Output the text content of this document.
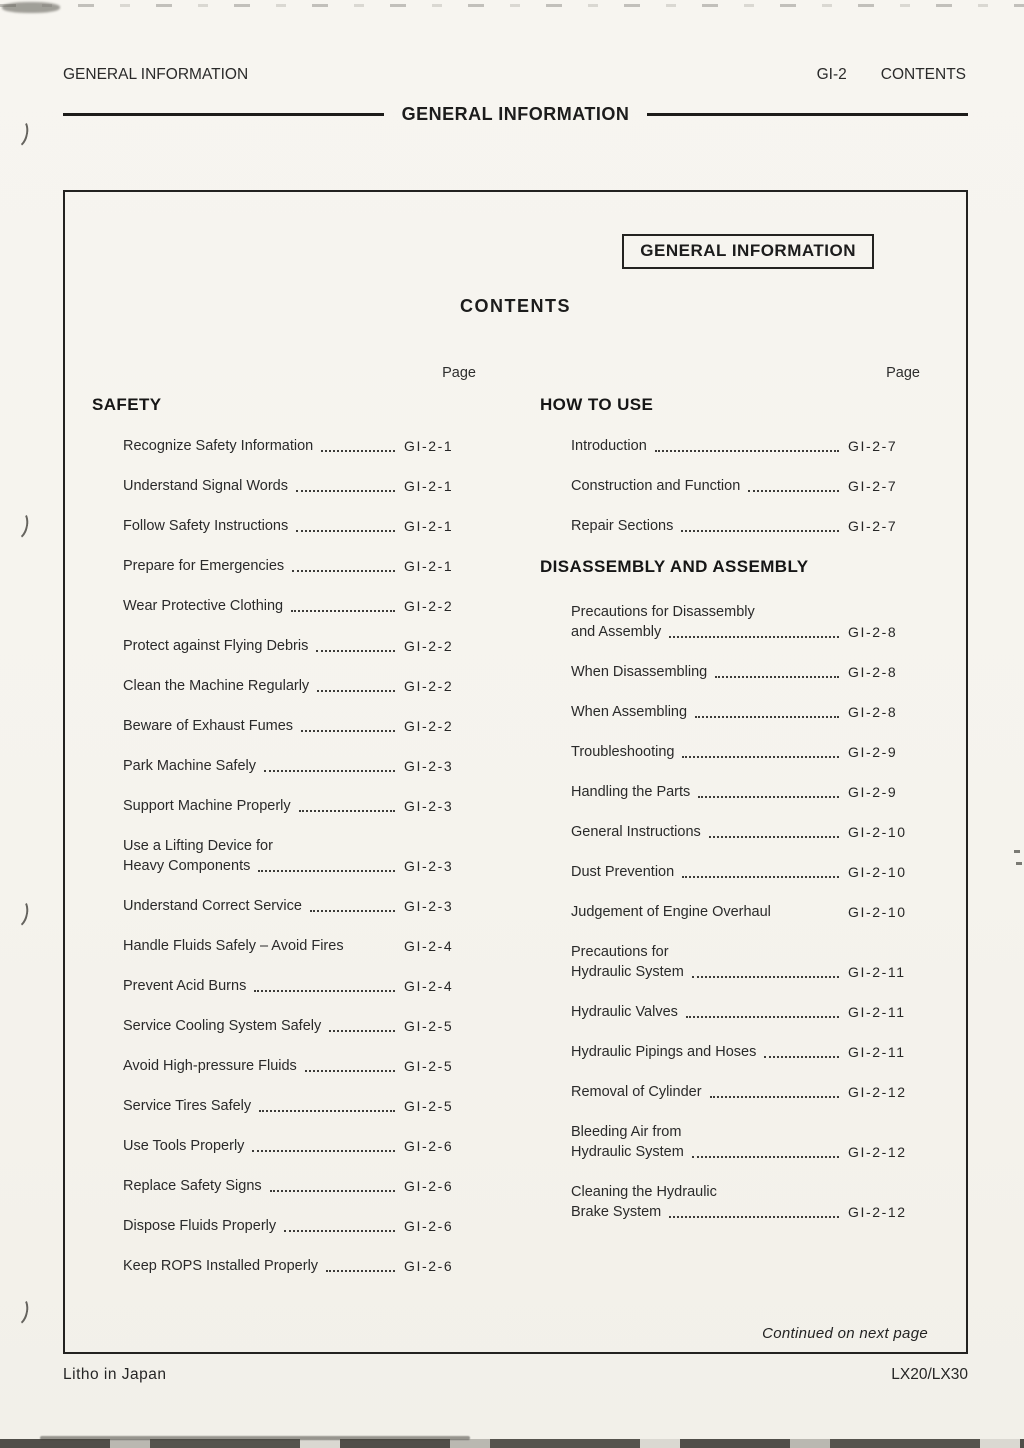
GENERAL INFORMATION	GI-2 CONTENTS
GENERAL INFORMATION
GENERAL INFORMATION
CONTENTS
Page
SAFETY
Recognize Safety Information	GI-2-1
Understand Signal Words	GI-2-1
Follow Safety Instructions	GI-2-1
Prepare for Emergencies	GI-2-1
Wear Protective Clothing	GI-2-2
Protect against Flying Debris	GI-2-2
Clean the Machine Regularly	GI-2-2
Beware of Exhaust Fumes	GI-2-2
Park Machine Safely	GI-2-3
Support Machine Properly	GI-2-3
Use a Lifting Device for
Heavy Components	GI-2-3
Understand Correct Service	GI-2-3
Handle Fluids Safely – Avoid Fires	GI-2-4
Prevent Acid Burns	GI-2-4
Service Cooling System Safely	GI-2-5
Avoid High-pressure Fluids	GI-2-5
Service Tires Safely	GI-2-5
Use Tools Properly	GI-2-6
Replace Safety Signs	GI-2-6
Dispose Fluids Properly	GI-2-6
Keep ROPS Installed Properly	GI-2-6
Page
HOW TO USE
Introduction	GI-2-7
Construction and Function	GI-2-7
Repair Sections	GI-2-7
DISASSEMBLY AND ASSEMBLY
Precautions for Disassembly
and Assembly	GI-2-8
When Disassembling	GI-2-8
When Assembling	GI-2-8
Troubleshooting	GI-2-9
Handling the Parts	GI-2-9
General Instructions	GI-2-10
Dust Prevention	GI-2-10
Judgement of Engine Overhaul	GI-2-10
Precautions for
Hydraulic System	GI-2-11
Hydraulic Valves	GI-2-11
Hydraulic Pipings and Hoses	GI-2-11
Removal of Cylinder	GI-2-12
Bleeding Air from
Hydraulic System	GI-2-12
Cleaning the Hydraulic
Brake System	GI-2-12
Continued on next page
Litho in Japan	LX20/LX30
